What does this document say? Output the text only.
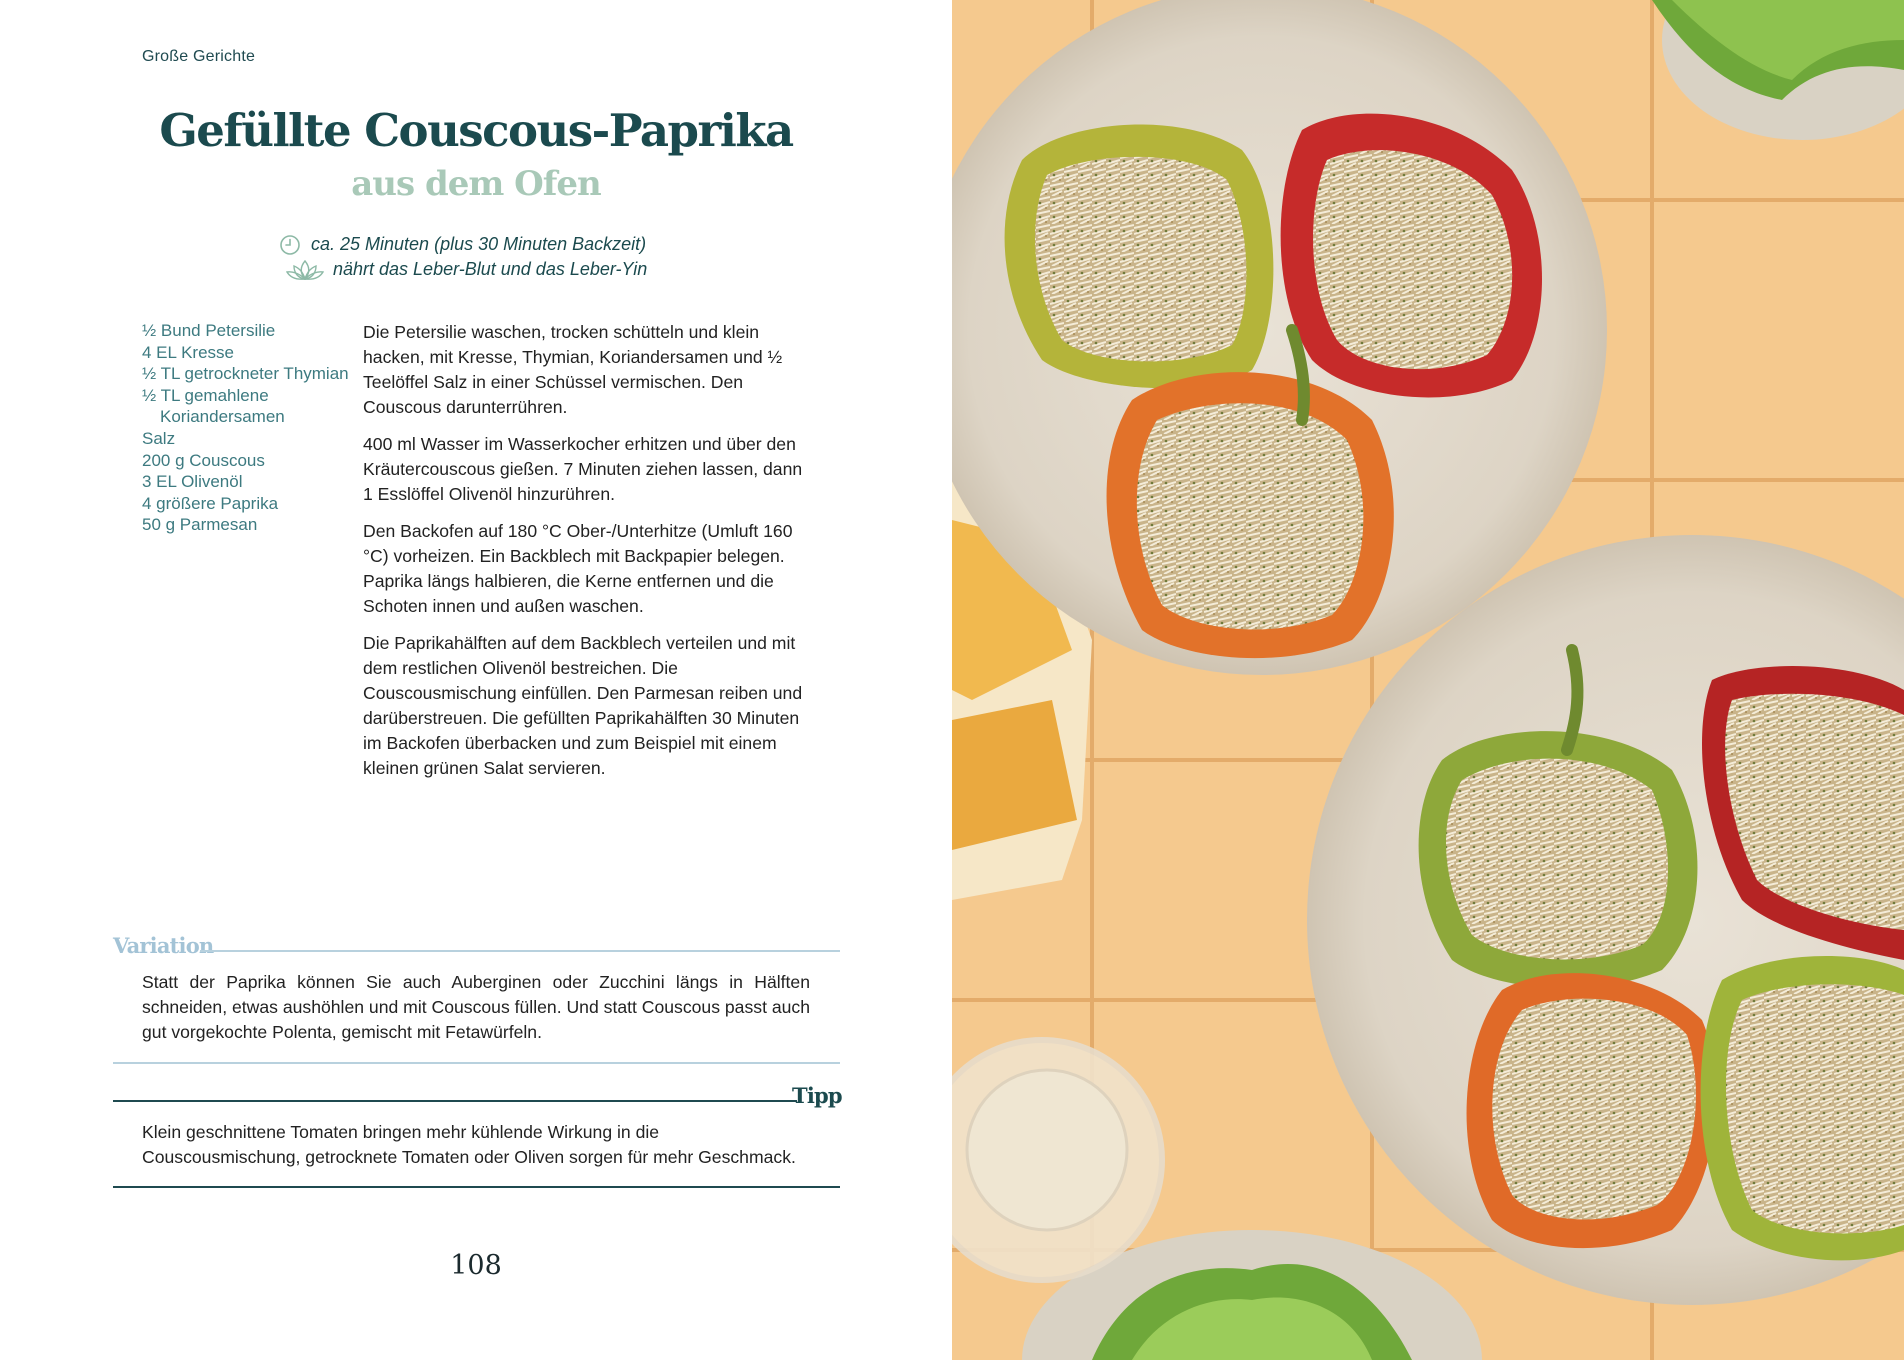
Große Gerichte
Gefüllte Couscous-Paprika
aus dem Ofen
ca. 25 Minuten (plus 30 Minuten Backzeit)
nährt das Leber-Blut und das Leber-Yin
½ Bund Petersilie
4 EL Kresse
½ TL getrockneter Thymian
½ TL gemahlene Koriandersamen
Salz
200 g Couscous
3 EL Olivenöl
4 größere Paprika
50 g Parmesan

Die Petersilie waschen, trocken schütteln und klein hacken, mit Kresse, Thymian, Koriandersamen und ½ Teelöffel Salz in einer Schüssel vermischen. Den Couscous darunterrühren.

400 ml Wasser im Wasserkocher erhitzen und über den Kräutercouscous gießen. 7 Minuten ziehen lassen, dann 1 Esslöffel Olivenöl hinzurühren.

Den Backofen auf 180 °C Ober-/Unterhitze (Umluft 160 °C) vorheizen. Ein Backblech mit Backpapier belegen. Paprika längs halbieren, die Kerne entfernen und die Schoten innen und außen waschen.

Die Paprikahälften auf dem Backblech verteilen und mit dem restlichen Olivenöl bestreichen. Die Couscousmischung einfüllen. Den Parmesan reiben und darüberstreuen. Die gefüllten Paprikahälften 30 Minuten im Backofen überbacken und zum Beispiel mit einem kleinen grünen Salat servieren.

Variation
Statt der Paprika können Sie auch Auberginen oder Zucchini längs in Hälften schneiden, etwas aushöhlen und mit Couscous füllen. Und statt Couscous passt auch gut vorgekochte Polenta, gemischt mit Fetawürfeln.
Tipp
Klein geschnittene Tomaten bringen mehr kühlende Wirkung in die Couscousmischung, getrocknete Tomaten oder Oliven sorgen für mehr Geschmack.
108
